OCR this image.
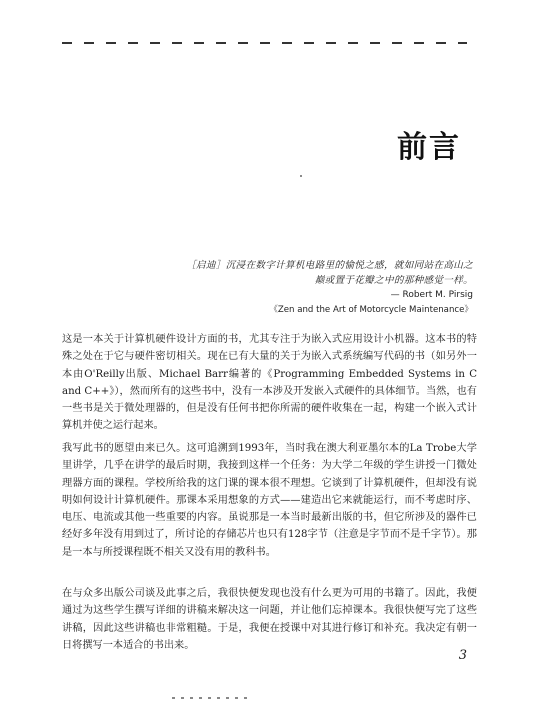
前言
［启迪］沉浸在数字计算机电路里的愉悦之感，就如同站在高山之
巅或置于花瓣之中的那种感觉一样。
— Robert M. Pirsig
《Zen and the Art of Motorcycle Maintenance》

这是一本关于计算机硬件设计方面的书，尤其专注于为嵌入式应用设计小机器。这本书的特殊之处在于它与硬件密切相关。现在已有大量的关于为嵌入式系统编写代码的书（如另外一本由O'Reilly出版、Michael Barr编著的《Programming Embedded Systems in C and C++》），然而所有的这些书中，没有一本涉及开发嵌入式硬件的具体细节。当然，也有一些书是关于微处理器的，但是没有任何书把你所需的硬件收集在一起，构建一个嵌入式计算机并使之运行起来。

我写此书的愿望由来已久。这可追溯到1993年，当时我在澳大利亚墨尔本的La Trobe大学里讲学，几乎在讲学的最后时期，我接到这样一个任务：为大学二年级的学生讲授一门微处理器方面的课程。学校所给我的这门课的课本很不理想。它谈到了计算机硬件，但却没有说明如何设计计算机硬件。那课本采用想象的方式——建造出它来就能运行，而不考虑时序、电压、电流或其他一些重要的内容。虽说那是一本当时最新出版的书，但它所涉及的器件已经好多年没有用到过了，所讨论的存储芯片也只有128字节（注意是字节而不是千字节）。那是一本与所授课程既不相关又没有用的教科书。

在与众多出版公司谈及此事之后，我很快便发现也没有什么更为可用的书籍了。因此，我便通过为这些学生撰写详细的讲稿来解决这一问题，并让他们忘掉课本。我很快便写完了这些讲稿，因此这些讲稿也非常粗糙。于是，我便在授课中对其进行修订和补充。我决定有朝一日将撰写一本适合的书出来。

3
